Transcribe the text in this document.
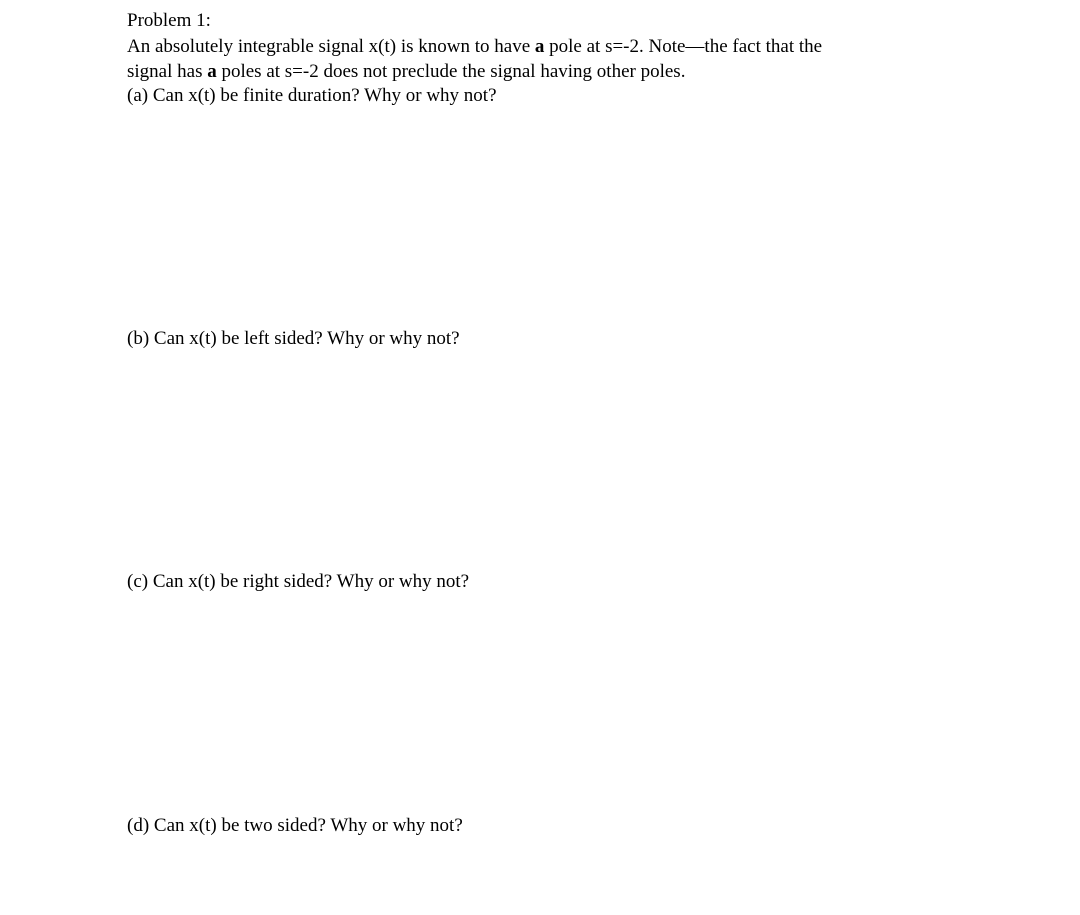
Problem 1:
An absolutely integrable signal x(t) is known to have a pole at s=-2. Note—the fact that the
signal has a poles at s=-2 does not preclude the signal having other poles.
(a) Can x(t) be finite duration? Why or why not?
(b) Can x(t) be left sided? Why or why not?
(c) Can x(t) be right sided? Why or why not?
(d) Can x(t) be two sided? Why or why not?
